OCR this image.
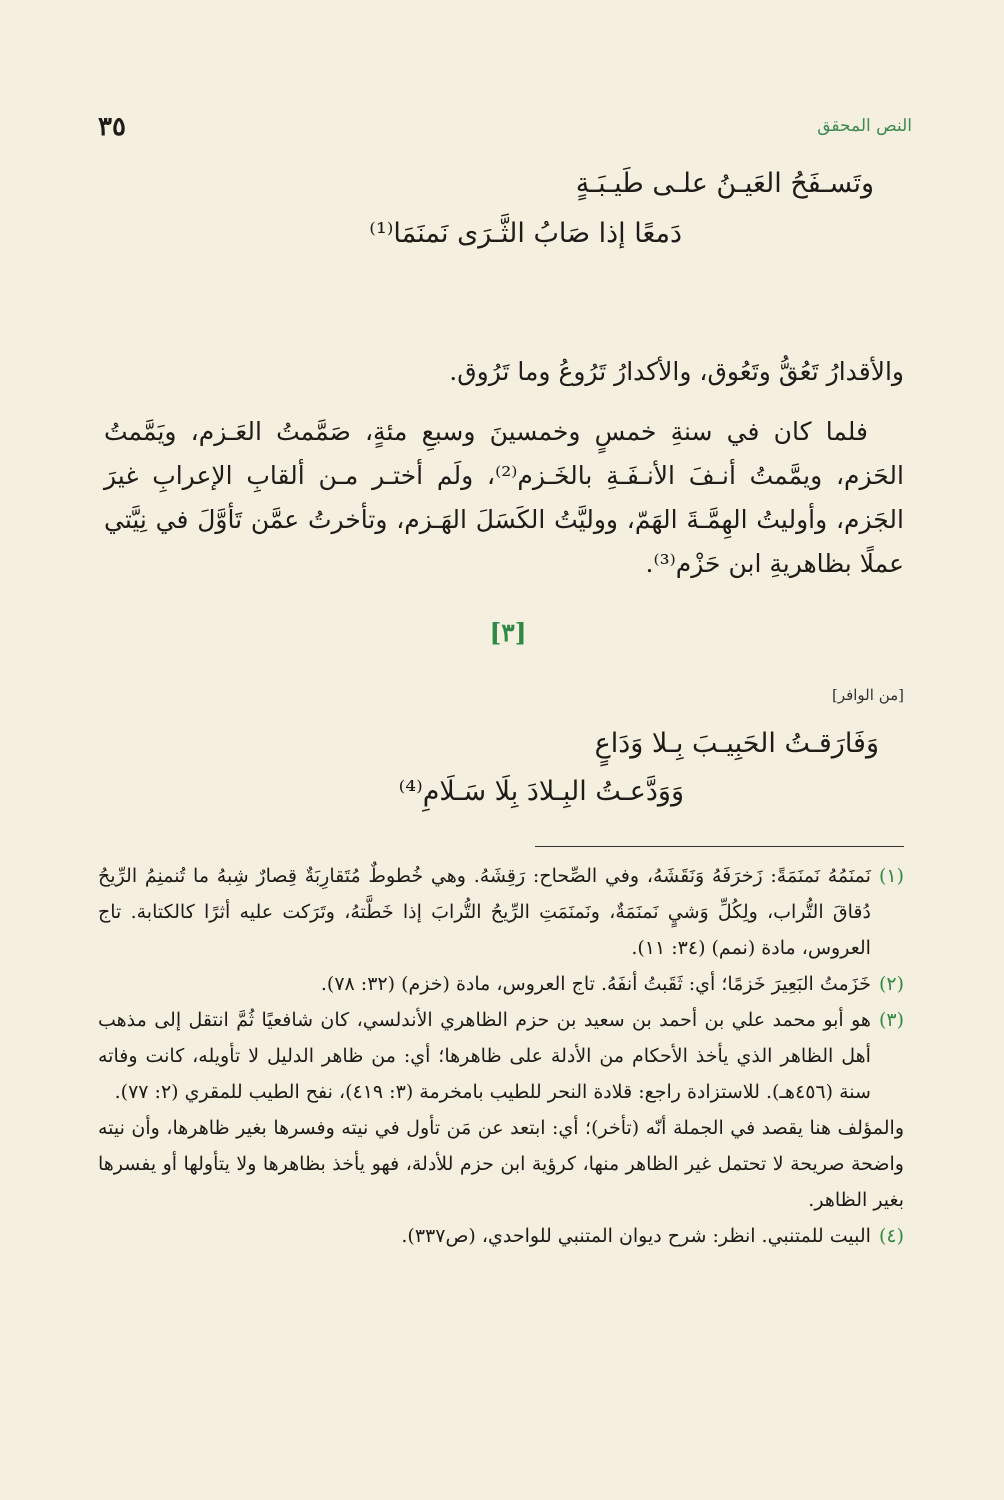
النص المحقق
٣٥
وتَسـفَحُ العَيـنُ علـى طَيـبَـةٍ
دَمعًا إذا صَابُ الثَّـرَى نَمنَمَا⁽¹⁾
والأقدارُ تَعُقُّ وتَعُوق، والأكدارُ تَرُوعُ وما تَرُوق.
فلما كان في سنةِ خمسٍ وخمسينَ وسبعِ مئةٍ، صَمَّمتُ العَـزم، ويَمَّمتُ الحَزم، ويمَّمتُ أنـفَ الأنـفَـةِ بالخَـزم⁽²⁾، ولَم أختـر مـن ألقابِ الإعرابِ غيرَ الجَزم، وأوليتُ الهِمَّـةَ الهَمّ، ووليَّتُ الكَسَلَ الهَـزم، وتأخرتُ عمَّن تَأوَّلَ في نِيَّتي عملًا بظاهريةِ ابن حَزْم⁽³⁾.
[٣]
[من الوافر]
وَفَارَقـتُ الحَبِيـبَ بِـلا وَدَاعٍ
وَوَدَّعـتُ البِـلادَ بِلَا سَـلَامِ⁽⁴⁾
(١)
نَمنَمُهُ نَمنَمَةً: زَخرَفَهُ وَنَقَشَهُ، وفي الصِّحاح: رَقِشَهُ. وهي خُطوطٌ مُتَقارِبَةٌ قِصارٌ شِبهُ ما تُنمنِمُ الرِّيحُ دُقاقَ التُّراب، ولِكُلِّ وَشيٍ نَمنَمَةٌ، ونَمنَمَتِ الرِّيحُ التُّرابَ إذا خَطَّتهُ، وتَرَكت عليه أثرًا كالكتابة. تاج العروس، مادة (نمم) (٣٤: ١١).
(٢)
خَزَمتُ البَعِيرَ خَزمًا؛ أي: ثَقَبتُ أنفَهُ. تاج العروس، مادة (خزم) (٣٢: ٧٨).
(٣)
هو أبو محمد علي بن أحمد بن سعيد بن حزم الظاهري الأندلسي، كان شافعيًا ثُمَّ انتقل إلى مذهب أهل الظاهر الذي يأخذ الأحكام من الأدلة على ظاهرها؛ أي: من ظاهر الدليل لا تأويله، كانت وفاته سنة (٤٥٦هـ). للاستزادة راجع: قلادة النحر للطيب بامخرمة (٣: ٤١٩)، نفح الطيب للمقري (٢: ٧٧).
والمؤلف هنا يقصد في الجملة أنّه (تأخر)؛ أي: ابتعد عن مَن تأول في نيته وفسرها بغير ظاهرها، وأن نيته واضحة صريحة لا تحتمل غير الظاهر منها، كرؤية ابن حزم للأدلة، فهو يأخذ بظاهرها ولا يتأولها أو يفسرها بغير الظاهر.
(٤)
البيت للمتنبي. انظر: شرح ديوان المتنبي للواحدي، (ص٣٣٧).
